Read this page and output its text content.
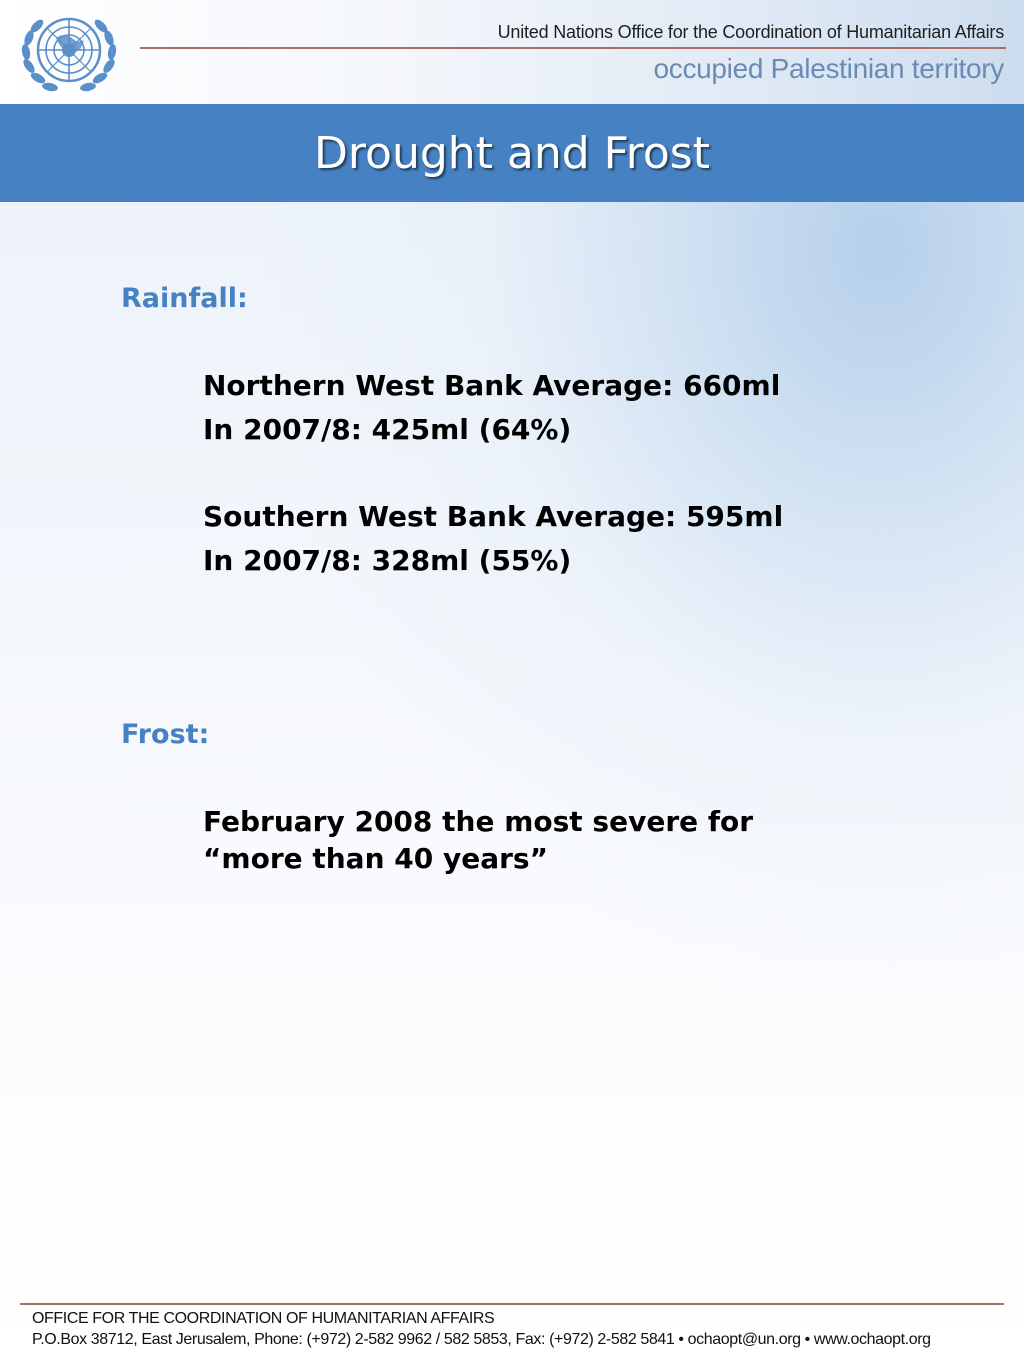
United Nations Office for the Coordination of Humanitarian Affairs
occupied Palestinian territory
Drought and Frost
Rainfall:
Northern West Bank Average: 660ml
In 2007/8: 425ml (64%)
Southern West Bank Average: 595ml
In 2007/8: 328ml (55%)
Frost:
February 2008 the most severe for
“more than 40 years”
OFFICE FOR THE COORDINATION OF HUMANITARIAN AFFAIRS
P.O.Box 38712, East Jerusalem, Phone: (+972) 2-582 9962 / 582 5853, Fax: (+972) 2-582 5841 • ochaopt@un.org • www.ochaopt.org
